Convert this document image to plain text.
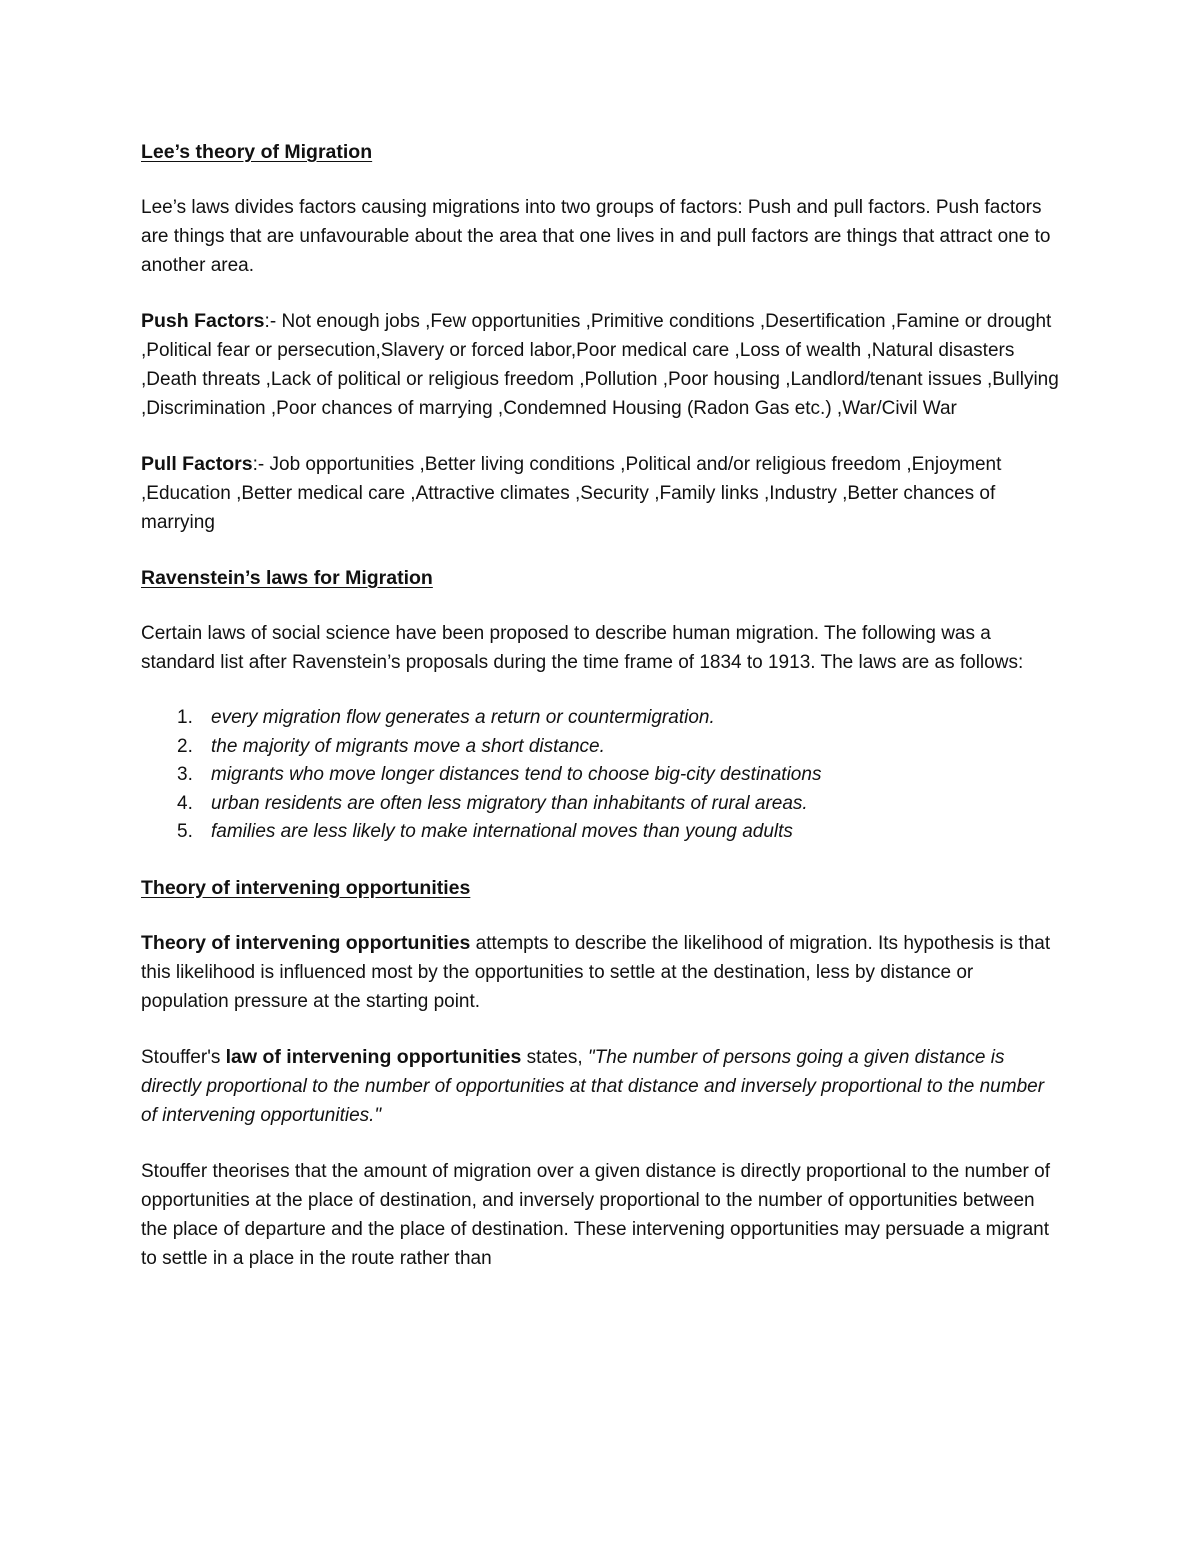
Lee’s theory of Migration

Lee’s laws divides factors causing migrations into two groups of factors: Push and pull factors. Push factors are things that are unfavourable about the area that one lives in and pull factors are things that attract one to another area.

Push Factors:- Not enough jobs ,Few opportunities ,Primitive conditions ,Desertification ,Famine or drought ,Political fear or persecution,Slavery or forced labor,Poor medical care ,Loss of wealth ,Natural disasters ,Death threats ,Lack of political or religious freedom ,Pollution ,Poor housing ,Landlord/tenant issues ,Bullying ,Discrimination ,Poor chances of marrying ,Condemned Housing (Radon Gas etc.) ,War/Civil War

Pull Factors:- Job opportunities ,Better living conditions ,Political and/or religious freedom ,Enjoyment ,Education ,Better medical care ,Attractive climates ,Security ,Family links ,Industry ,Better chances of marrying

Ravenstein’s laws for Migration

Certain laws of social science have been proposed to describe human migration. The following was a standard list after Ravenstein’s proposals during the time frame of 1834 to 1913. The laws are as follows:

1. every migration flow generates a return or countermigration.
2. the majority of migrants move a short distance.
3. migrants who move longer distances tend to choose big-city destinations
4. urban residents are often less migratory than inhabitants of rural areas.
5. families are less likely to make international moves than young adults
Theory of intervening opportunities

Theory of intervening opportunities attempts to describe the likelihood of migration. Its hypothesis is that this likelihood is influenced most by the opportunities to settle at the destination, less by distance or population pressure at the starting point.

Stouffer's law of intervening opportunities states, "The number of persons going a given distance is directly proportional to the number of opportunities at that distance and inversely proportional to the number of intervening opportunities."

Stouffer theorises that the amount of migration over a given distance is directly proportional to the number of opportunities at the place of destination, and inversely proportional to the number of opportunities between the place of departure and the place of destination. These intervening opportunities may persuade a migrant to settle in a place in the route rather than
